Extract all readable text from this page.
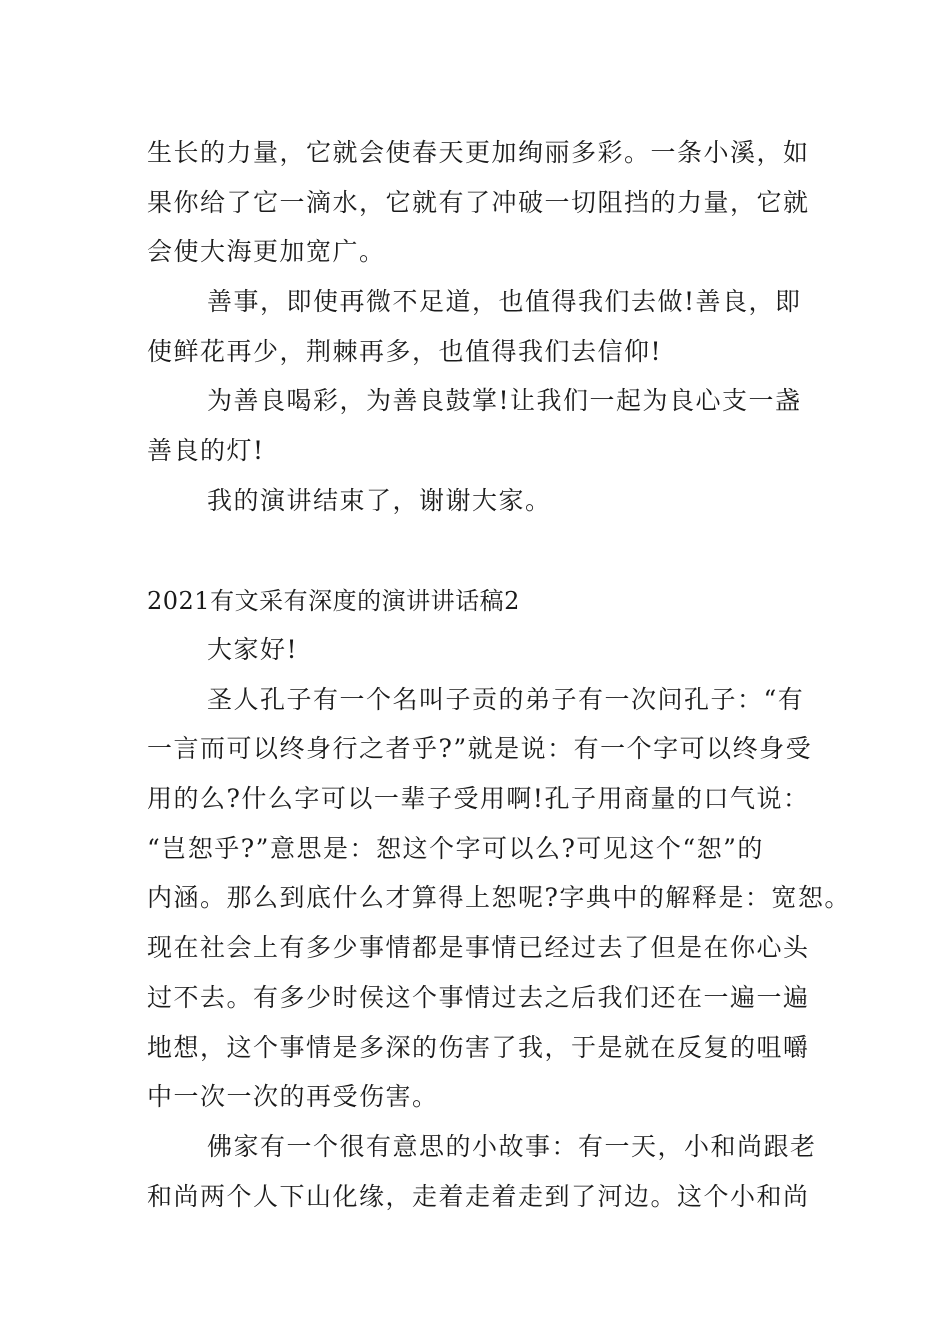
生长的力量，它就会使春天更加绚丽多彩。一条小溪，如
果你给了它一滴水，它就有了冲破一切阻挡的力量，它就
会使大海更加宽广。
善事，即使再微不足道，也值得我们去做!善良，即
使鲜花再少，荆棘再多，也值得我们去信仰!
为善良喝彩，为善良鼓掌!让我们一起为良心支一盏
善良的灯!
我的演讲结束了，谢谢大家。
2021有文采有深度的演讲讲话稿2
大家好!
圣人孔子有一个名叫子贡的弟子有一次问孔子：“有
一言而可以终身行之者乎?”就是说：有一个字可以终身受
用的么?什么字可以一辈子受用啊!孔子用商量的口气说：
“岂恕乎?”意思是：恕这个字可以么?可见这个“恕”的
内涵。那么到底什么才算得上恕呢?字典中的解释是：宽恕。
现在社会上有多少事情都是事情已经过去了但是在你心头
过不去。有多少时侯这个事情过去之后我们还在一遍一遍
地想，这个事情是多深的伤害了我，于是就在反复的咀嚼
中一次一次的再受伤害。
佛家有一个很有意思的小故事：有一天，小和尚跟老
和尚两个人下山化缘，走着走着走到了河边。这个小和尚
